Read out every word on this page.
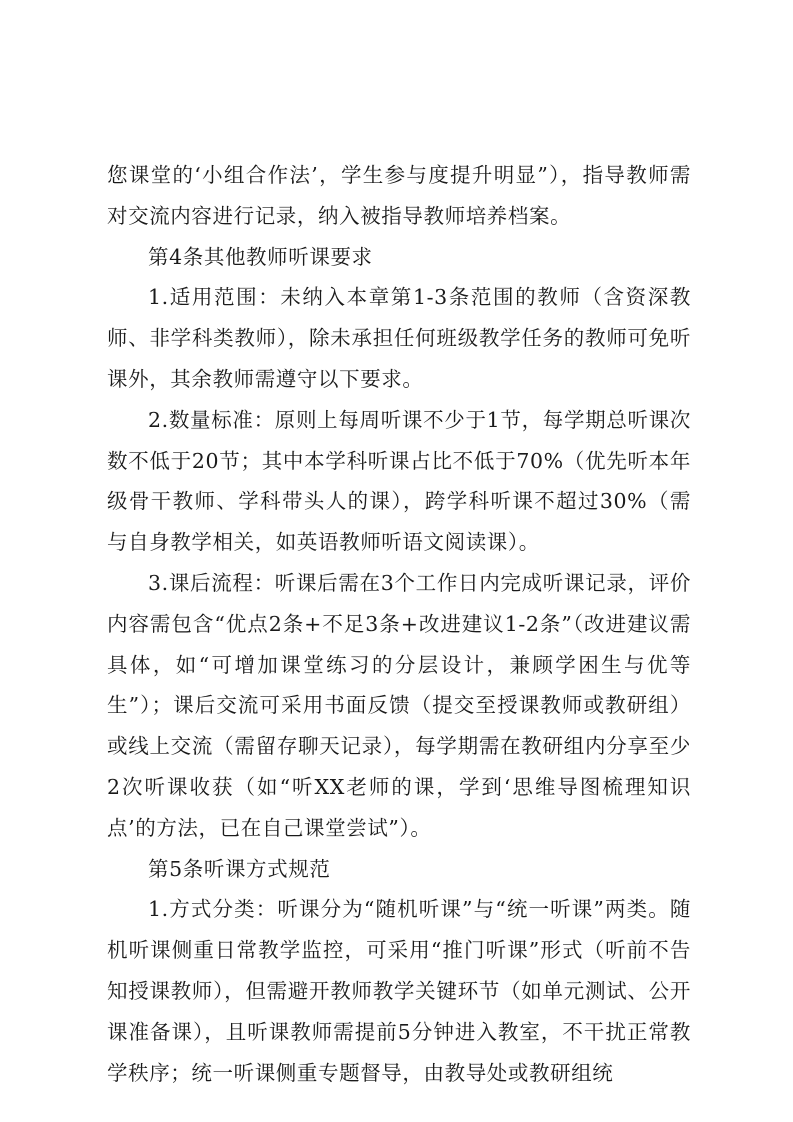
您课堂的‘小组合作法’，学生参与度提升明显”），指导教师需对交流内容进行记录，纳入被指导教师培养档案。

第4条其他教师听课要求

1.适用范围：未纳入本章第1-3条范围的教师（含资深教师、非学科类教师），除未承担任何班级教学任务的教师可免听课外，其余教师需遵守以下要求。

2.数量标准：原则上每周听课不少于1节，每学期总听课次数不低于20节；其中本学科听课占比不低于70%（优先听本年级骨干教师、学科带头人的课），跨学科听课不超过30%（需与自身教学相关，如英语教师听语文阅读课）。

3.课后流程：听课后需在3个工作日内完成听课记录，评价内容需包含“优点2条+不足3条+改进建议1-2条”（改进建议需具体，如“可增加课堂练习的分层设计，兼顾学困生与优等生”）；课后交流可采用书面反馈（提交至授课教师或教研组）或线上交流（需留存聊天记录），每学期需在教研组内分享至少2次听课收获（如“听XX老师的课，学到‘思维导图梳理知识点’的方法，已在自己课堂尝试”）。

第5条听课方式规范

1.方式分类：听课分为“随机听课”与“统一听课”两类。随机听课侧重日常教学监控，可采用“推门听课”形式（听前不告知授课教师），但需避开教师教学关键环节（如单元测试、公开课准备课），且听课教师需提前5分钟进入教室，不干扰正常教学秩序；统一听课侧重专题督导，由教导处或教研组统
